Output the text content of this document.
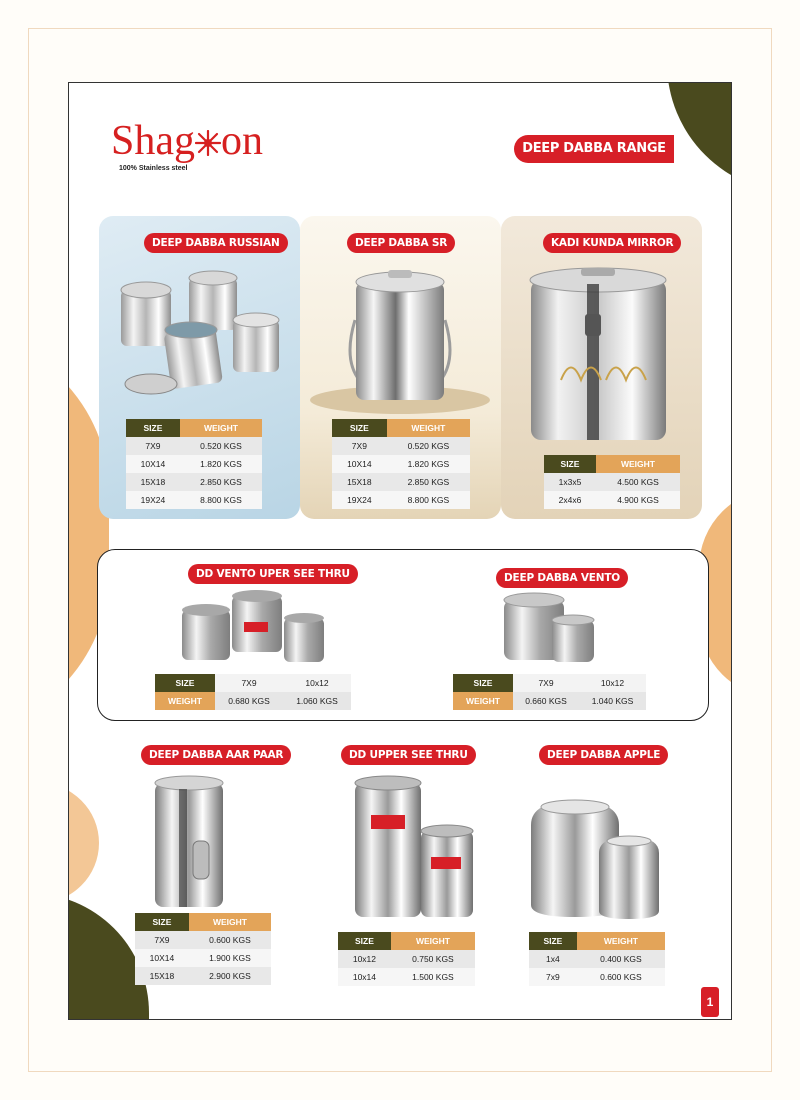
Shag on
100% Stainless steel
DEEP DABBA RANGE
DEEP DABBA RUSSIAN
SIZE	WEIGHT
7X9	0.520 KGS
10X14	1.820 KGS
15X18	2.850 KGS
19X24	8.800 KGS
DEEP DABBA SR
SIZE	WEIGHT
7X9	0.520 KGS
10X14	1.820 KGS
15X18	2.850 KGS
19X24	8.800 KGS
KADI KUNDA MIRROR
SIZE	WEIGHT
1x3x5	4.500 KGS
2x4x6	4.900 KGS
DD VENTO UPER SEE THRU
SIZE	7X9	10x12
WEIGHT	0.680 KGS	1.060 KGS
DEEP DABBA VENTO
SIZE	7X9	10x12
WEIGHT	0.660 KGS	1.040 KGS
DEEP DABBA AAR PAAR
SIZE	WEIGHT
7X9	0.600 KGS
10X14	1.900 KGS
15X18	2.900 KGS
DD UPPER SEE THRU
SIZE	WEIGHT
10x12	0.750 KGS
10x14	1.500 KGS
DEEP DABBA APPLE
SIZE	WEIGHT
1x4	0.400 KGS
7x9	0.600 KGS
1
